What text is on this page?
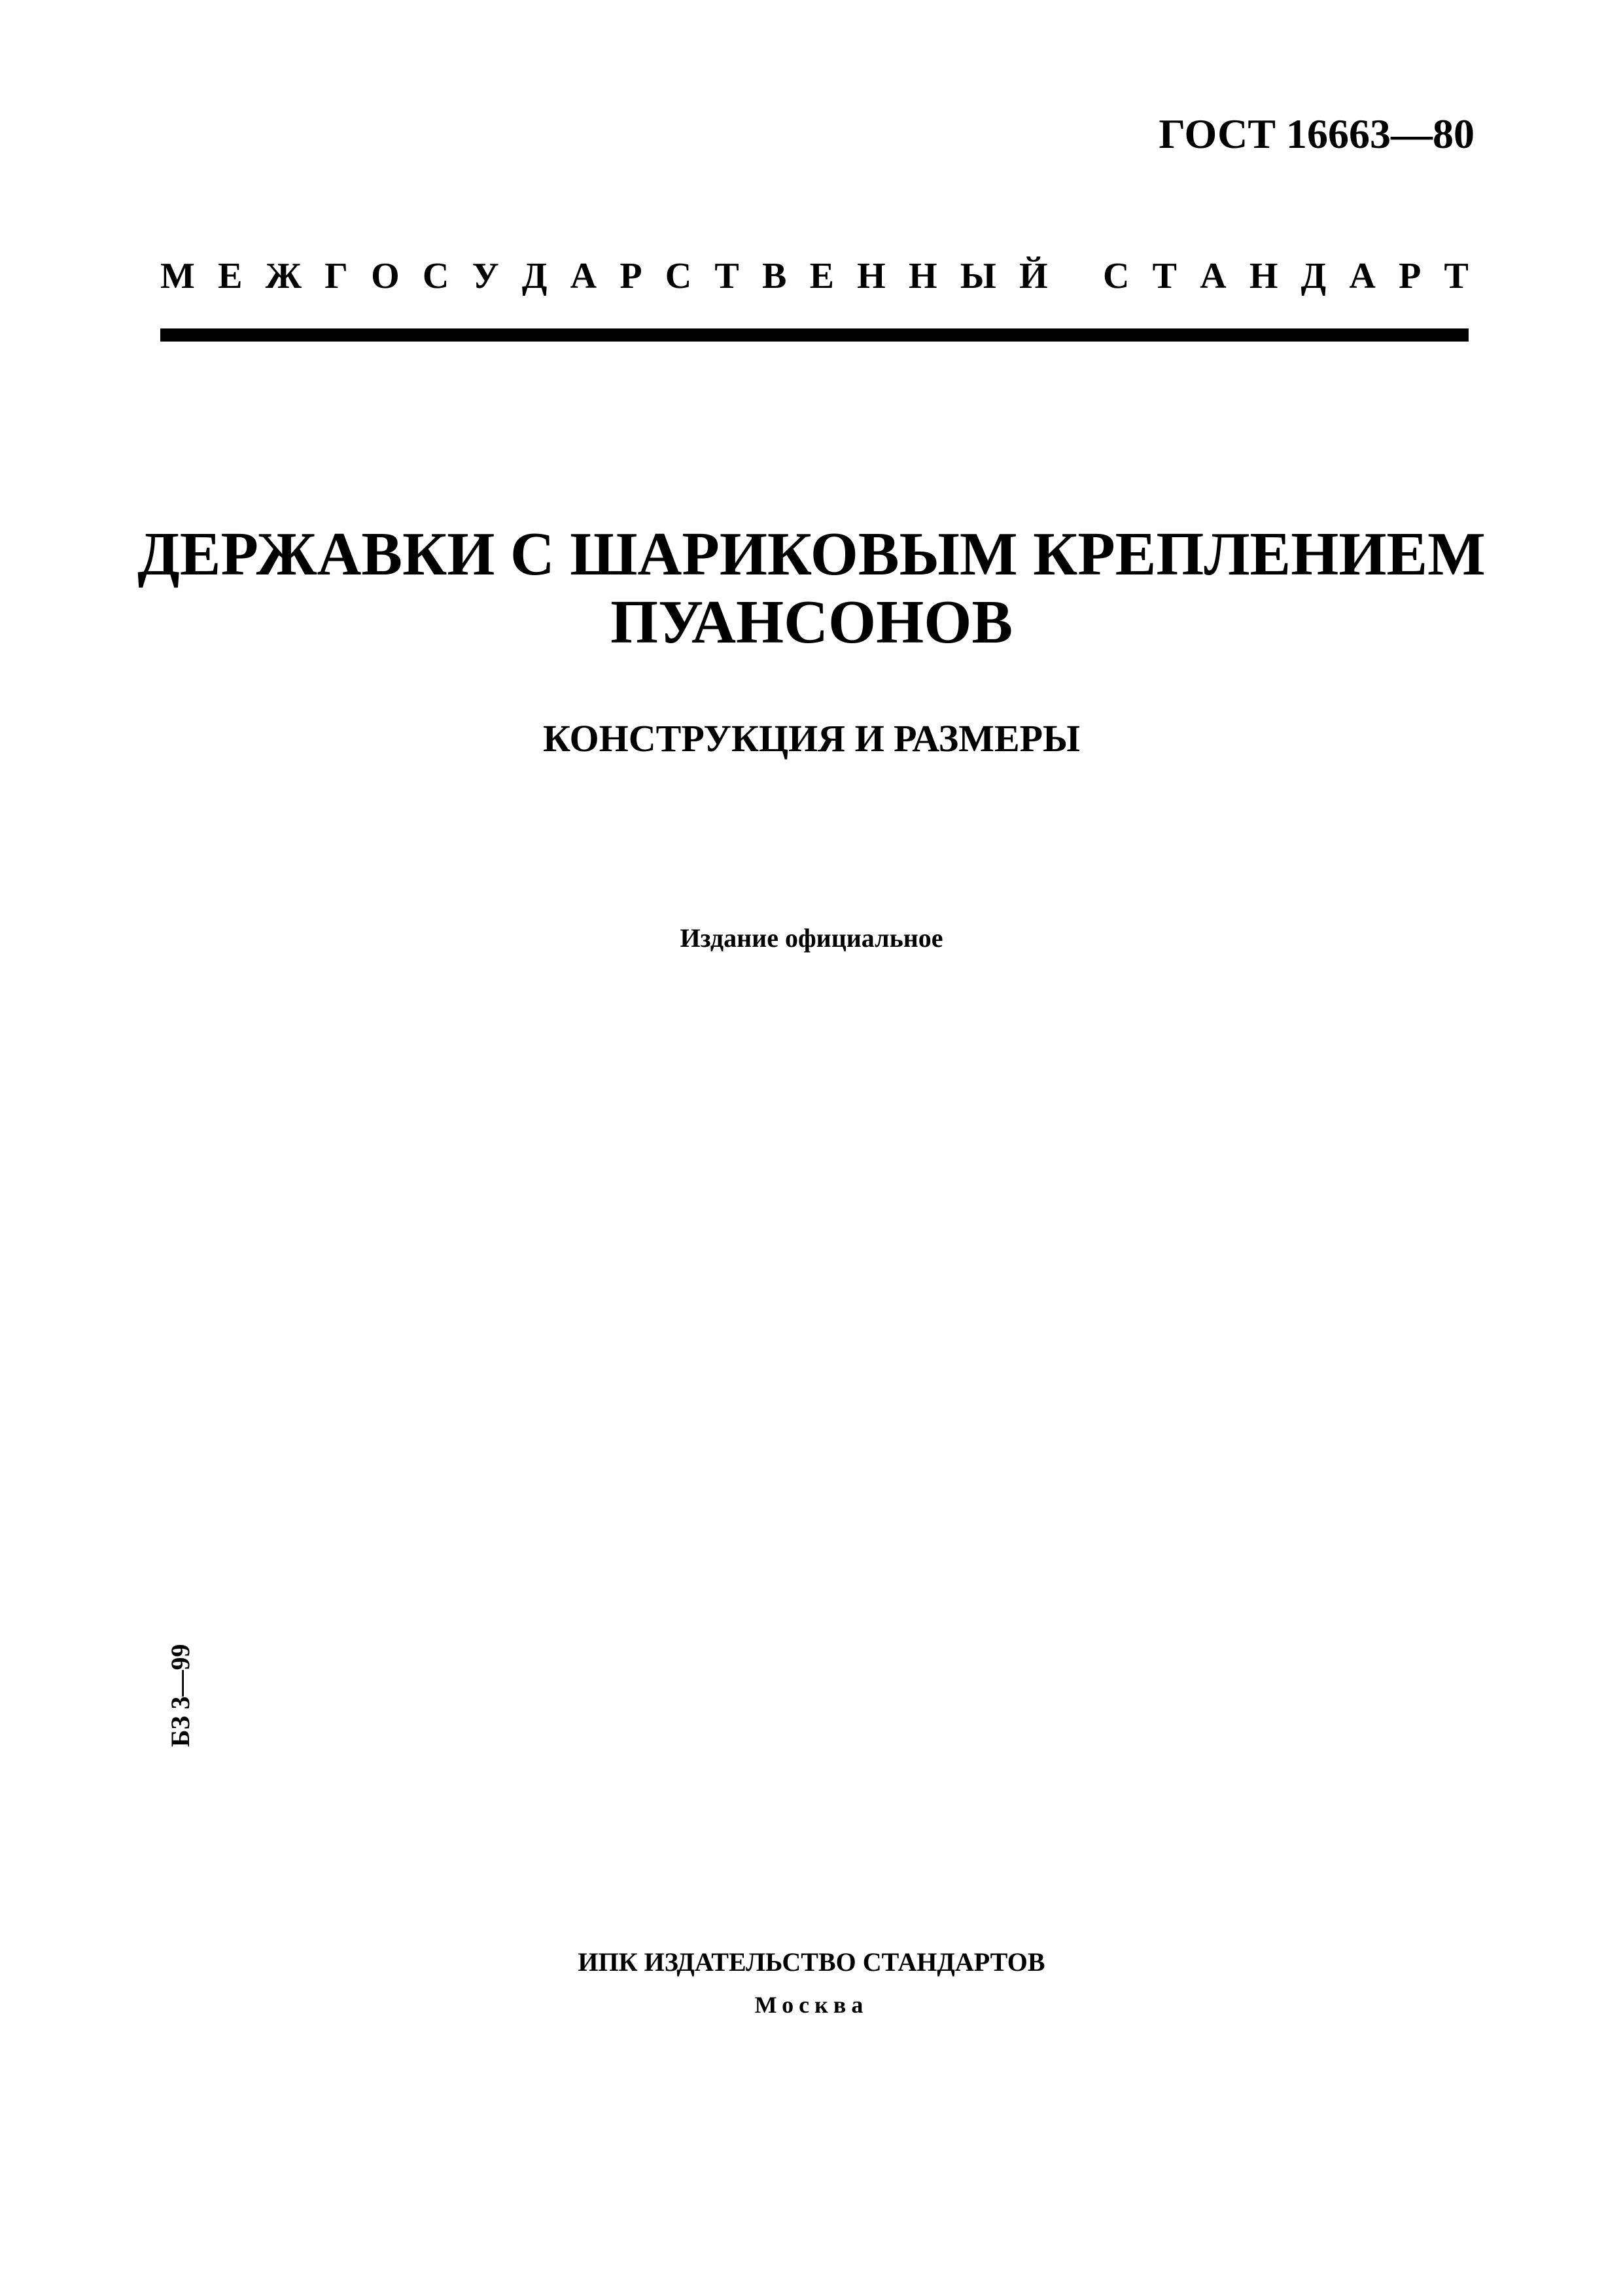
ГОСТ 16663—80
М Е Ж Г О С У Д А Р С Т В Е Н Н Ы Й
С Т А Н Д А Р Т
ДЕРЖАВКИ С ШАРИКОВЫМ КРЕПЛЕНИЕМ
ПУАНСОНОВ
КОНСТРУКЦИЯ И РАЗМЕРЫ
Издание официальное
БЗ 3—99
ИПК ИЗДАТЕЛЬСТВО СТАНДАРТОВ
Москва
